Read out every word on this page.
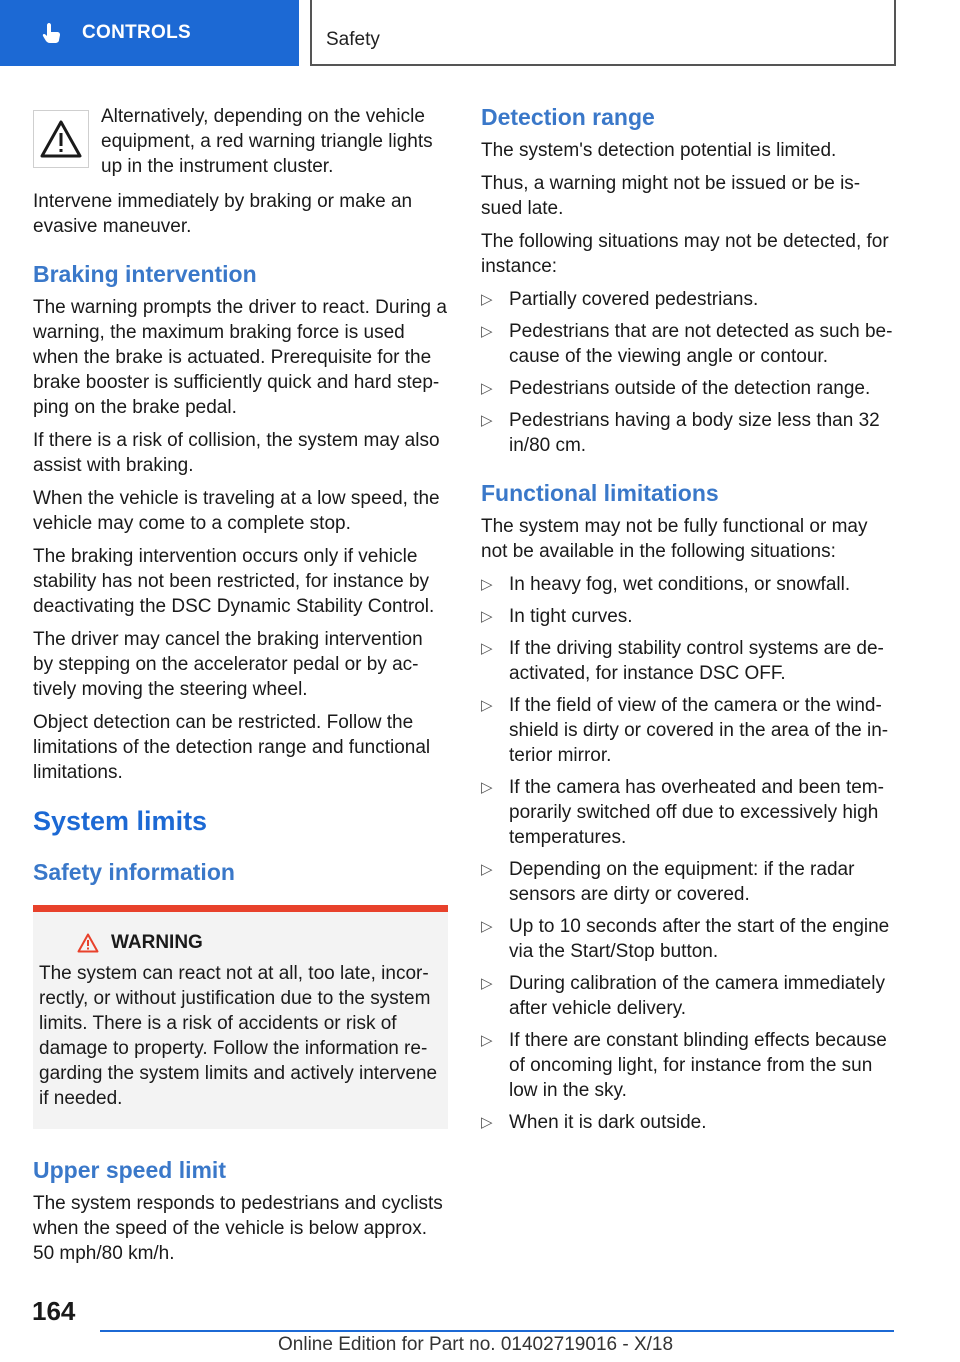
CONTROLS	Safety

Alternatively, depending on the vehicle equipment, a red warning triangle lights up in the instrument cluster.

Intervene immediately by braking or make an evasive maneuver.

Braking intervention

The warning prompts the driver to react. During a warning, the maximum braking force is used when the brake is actuated. Prerequisite for the brake booster is sufficiently quick and hard step-ping on the brake pedal.

If there is a risk of collision, the system may also assist with braking.

When the vehicle is traveling at a low speed, the vehicle may come to a complete stop.

The braking intervention occurs only if vehicle stability has not been restricted, for instance by deactivating the DSC Dynamic Stability Control.

The driver may cancel the braking intervention by stepping on the accelerator pedal or by ac-tively moving the steering wheel.

Object detection can be restricted. Follow the limitations of the detection range and functional limitations.

System limits
Safety information
WARNING

The system can react not at all, too late, incor-rectly, or without justification due to the system limits. There is a risk of accidents or risk of damage to property. Follow the information re-garding the system limits and actively intervene if needed.

Upper speed limit

The system responds to pedestrians and cyclists when the speed of the vehicle is below approx. 50 mph/80 km/h.

Detection range

The system's detection potential is limited.

Thus, a warning might not be issued or be is-sued late.

The following situations may not be detected, for instance:

▷ Partially covered pedestrians.
▷ Pedestrians that are not detected as such be-cause of the viewing angle or contour.
▷ Pedestrians outside of the detection range.
▷ Pedestrians having a body size less than 32 in/80 cm.
Functional limitations

The system may not be fully functional or may not be available in the following situations:

▷ In heavy fog, wet conditions, or snowfall.
▷ In tight curves.
▷ If the driving stability control systems are de-activated, for instance DSC OFF.
▷ If the field of view of the camera or the wind-shield is dirty or covered in the area of the in-terior mirror.
▷ If the camera has overheated and been tem-porarily switched off due to excessively high temperatures.
▷ Depending on the equipment: if the radar sensors are dirty or covered.
▷ Up to 10 seconds after the start of the engine via the Start/Stop button.
▷ During calibration of the camera immediately after vehicle delivery.
▷ If there are constant blinding effects because of oncoming light, for instance from the sun low in the sky.
▷ When it is dark outside.
164
Online Edition for Part no. 01402719016 - X/18
